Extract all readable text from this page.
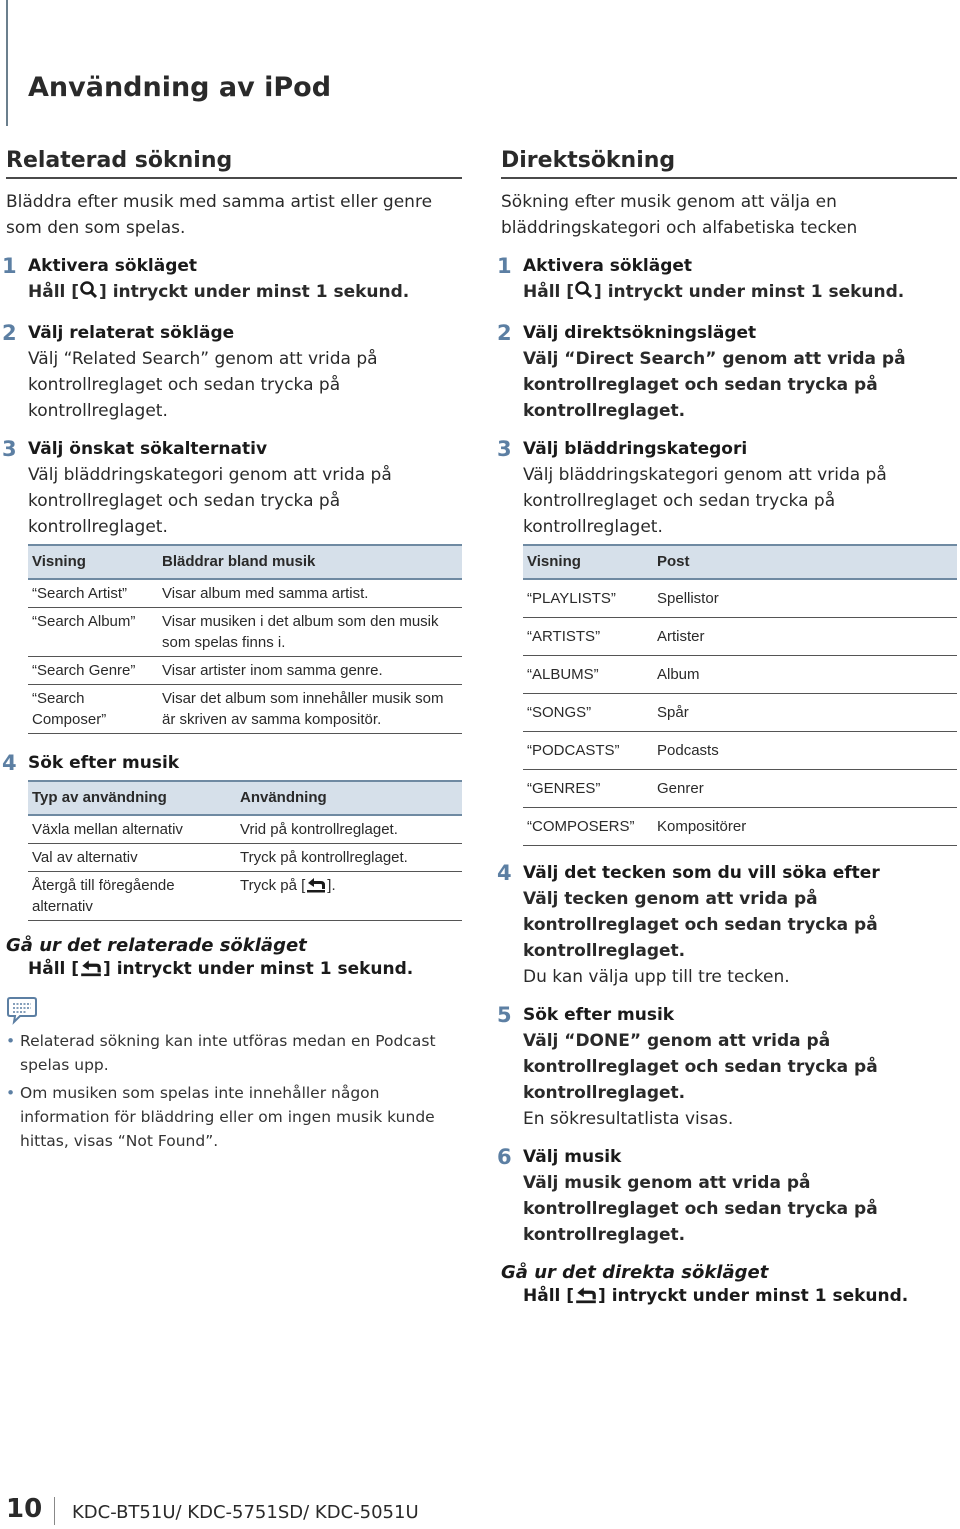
Användning av iPod
Relaterad sökning

Bläddra efter musik med samma artist eller genre som den som spelas.

1 Aktivera sökläget
Håll [ ] intryckt under minst 1 sekund.
2 Välj relaterat sökläge
Välj “Related Search” genom att vrida på kontrollreglaget och sedan trycka på kontrollreglaget.
3 Välj önskat sökalternativ
Välj bläddringskategori genom att vrida på kontrollreglaget och sedan trycka på kontrollreglaget.
Visning	Bläddrar bland musik
“Search Artist”	Visar album med samma artist.
“Search Album”	Visar musiken i det album som den musik som spelas finns i.
“Search Genre”	Visar artister inom samma genre.
“Search Composer”	Visar det album som innehåller musik som är skriven av samma kompositör.
4 Sök efter musik
Typ av användning	Användning
Växla mellan alternativ	Vrid på kontrollreglaget.
Val av alternativ	Tryck på kontrollreglaget.
Återgå till föregående alternativ	Tryck på [ ].
Gå ur det relaterade sökläget
Håll [ ] intryckt under minst 1 sekund.
• Relaterad sökning kan inte utföras medan en Podcast spelas upp.
• Om musiken som spelas inte innehåller någon information för bläddring eller om ingen musik kunde hittas, visas “Not Found”.
Direktsökning

Sökning efter musik genom att välja en bläddringskategori och alfabetiska tecken

1 Aktivera sökläget
Håll [ ] intryckt under minst 1 sekund.
2 Välj direktsökningsläget
Välj “Direct Search” genom att vrida på kontrollreglaget och sedan trycka på kontrollreglaget.
3 Välj bläddringskategori
Välj bläddringskategori genom att vrida på kontrollreglaget och sedan trycka på kontrollreglaget.
Visning	Post
“PLAYLISTS”	Spellistor
“ARTISTS”	Artister
“ALBUMS”	Album
“SONGS”	Spår
“PODCASTS”	Podcasts
“GENRES”	Genrer
“COMPOSERS”	Kompositörer
4 Välj det tecken som du vill söka efter
Välj tecken genom att vrida på kontrollreglaget och sedan trycka på kontrollreglaget.
Du kan välja upp till tre tecken.
5 Sök efter musik
Välj “DONE” genom att vrida på kontrollreglaget och sedan trycka på kontrollreglaget.
En sökresultatlista visas.
6 Välj musik
Välj musik genom att vrida på kontrollreglaget och sedan trycka på kontrollreglaget.
Gå ur det direkta sökläget
Håll [ ] intryckt under minst 1 sekund.
10 KDC-BT51U/ KDC-5751SD/ KDC-5051U
